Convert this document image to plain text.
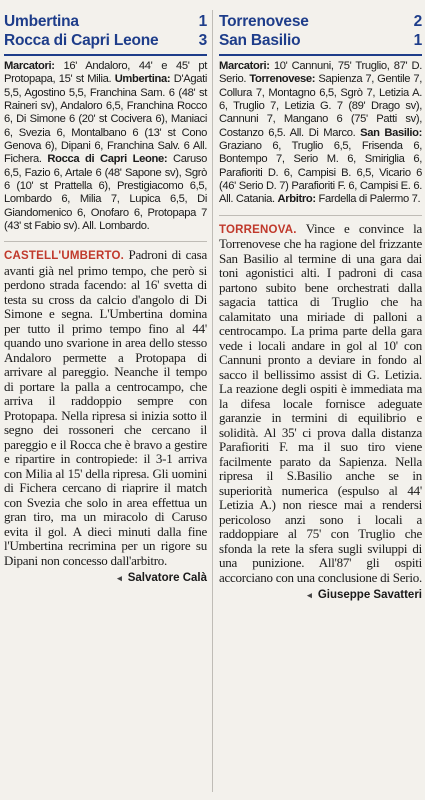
Umbertina	1
Rocca di Capri Leone	3

Marcatori: 16' Andaloro, 44' e 45' pt Protopapa, 15' st Milia. Umbertina: D'Agati 5,5, Agostino 5,5, Franchina Sam. 6 (48' st Raineri sv), Andaloro 6,5, Franchina Rocco 6, Di Simone 6 (20' st Cocivera 6), Maniaci 6, Svezia 6, Montalbano 6 (13' st Cono Genova 6), Dipani 6, Franchina Salv. 6 All. Fichera. Rocca di Capri Leone: Caruso 6,5, Fazio 6, Artale 6 (48' Sapone sv), Sgrò 6 (10' st Prattella 6), Prestigiacomo 6,5, Lombardo 6, Milia 7, Lupica 6,5, Di Giandomenico 6, Onofaro 6, Protopapa 7 (43' st Fabio sv). All. Lombardo.

CASTELL'UMBERTO. Padroni di casa avanti già nel primo tempo, che però si perdono strada facendo: al 16' svetta di testa su cross da calcio d'angolo di Di Simone e segna. L'Umbertina domina per tutto il primo tempo fino al 44' quando uno svarione in area dello stesso Andaloro permette a Protopapa di arrivare al pareggio. Neanche il tempo di portare la palla a centrocampo, che arriva il raddoppio sempre con Protopapa. Nella ripresa si inizia sotto il segno dei rossoneri che cercano il pareggio e il Rocca che è bravo a gestire e ripartire in contropiede: il 3-1 arriva con Milia al 15' della ripresa. Gli uomini di Fichera cercano di riaprire il match con Svezia che solo in area effettua un gran tiro, ma un miracolo di Caruso evita il gol. A dieci minuti dalla fine l'Umbertina recrimina per un rigore su Dipani non concesso dall'arbitro.

◂ Salvatore Calà
Torrenovese	2
San Basilio	1

Marcatori: 10' Cannuni, 75' Truglio, 87' D. Serio. Torrenovese: Sapienza 7, Gentile 7, Collura 7, Montagno 6,5, Sgrò 7, Letizia A. 6, Truglio 7, Letizia G. 7 (89' Drago sv), Cannuni 7, Mangano 6 (75' Patti sv), Costanzo 6,5. All. Di Marco. San Basilio: Graziano 6, Truglio 6,5, Frisenda 6, Bontempo 7, Serio M. 6, Smiriglia 6, Parafioriti D. 6, Campisi B. 6,5, Vicario 6 (46' Serio D. 7) Parafioriti F. 6, Campisi E. 6. All. Catania. Arbitro: Fardella di Palermo 7.

TORRENOVA. Vince e convince la Torrenovese che ha ragione del frizzante San Basilio al termine di una gara dai toni agonistici alti. I padroni di casa partono subito bene orchestrati dalla sagacia tattica di Truglio che ha calamitato una miriade di palloni a centrocampo. La prima parte della gara vede i locali andare in gol al 10' con Cannuni pronto a deviare in fondo al sacco il bellissimo assist di G. Letizia. La reazione degli ospiti è immediata ma la difesa locale fornisce adeguate garanzie in termini di equilibrio e solidità. Al 35' ci prova dalla distanza Parafioriti F. ma il suo tiro viene facilmente parato da Sapienza. Nella ripresa il S.Basilio anche se in superiorità numerica (espulso al 44' Letizia A.) non riesce mai a rendersi pericoloso anzi sono i locali a raddoppiare al 75' con Truglio che sfonda la rete la sfera sugli sviluppi di una punizione. All'87' gli ospiti accorciano con una conclusione di Serio.

◂ Giuseppe Savatteri
